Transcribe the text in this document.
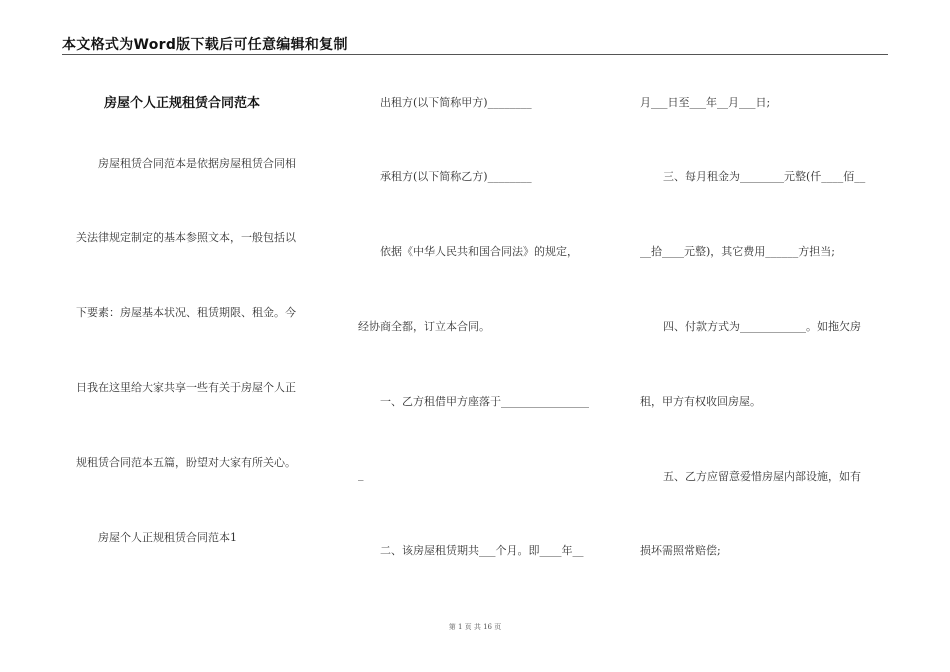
本文格式为Word版下载后可任意编辑和复制
房屋个人正规租赁合同范本
房屋租赁合同范本是依据房屋租赁合同相
关法律规定制定的基本参照文本，一般包括以
下要素：房屋基本状况、租赁期限、租金。今
日我在这里给大家共享一些有关于房屋个人正
规租赁合同范本五篇，盼望对大家有所关心。
房屋个人正规租赁合同范本1
出租方(以下简称甲方)________
承租方(以下简称乙方)________
依据《中华人民共和国合同法》的规定，
经协商全都，订立本合同。
一、乙方租借甲方座落于________________
_
二、该房屋租赁期共___个月。即____年__
月___日至___年__月___日;
三、每月租金为________元整(仟____佰__
__拾____元整)，其它费用______方担当;
四、付款方式为____________。如拖欠房
租，甲方有权收回房屋。
五、乙方应留意爱惜房屋内部设施，如有
损坏需照常赔偿;
第 1 页 共 16 页
